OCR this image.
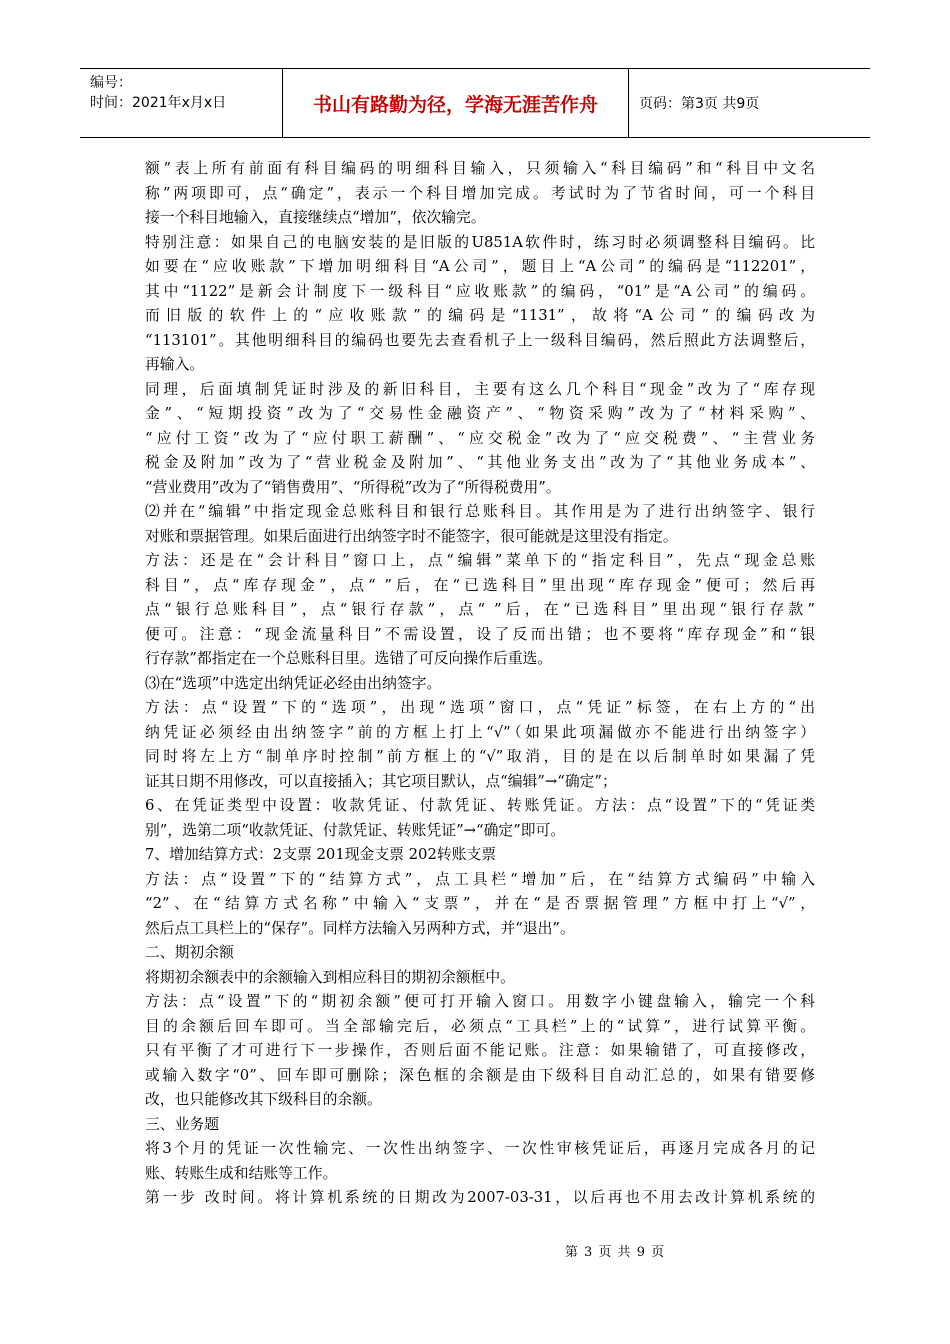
编号：
时间：2021年x月x日	书山有路勤为径，学海无涯苦作舟	页码：第3页 共9页
额”表上所有前面有科目编码的明细科目输入，只须输入“科目编码”和“科目中文名
称”两项即可，点“确定”，表示一个科目增加完成。考试时为了节省时间，可一个科目
接一个科目地输入，直接继续点“增加”，依次输完。
特别注意：如果自己的电脑安装的是旧版的U851A软件时，练习时必须调整科目编码。比
如要在“应收账款”下增加明细科目“A公司”，题目上“A公司”的编码是“112201”，
其中“1122”是新会计制度下一级科目“应收账款”的编码，“01”是“A公司”的编码。
而旧版的软件上的“应收账款”的编码是“1131”，故将“A公司”的编码改为
“113101”。其他明细科目的编码也要先去查看机子上一级科目编码，然后照此方法调整后，
再输入。
同理，后面填制凭证时涉及的新旧科目，主要有这么几个科目“现金”改为了“库存现
金”、“短期投资”改为了“交易性金融资产”、“物资采购”改为了“材料采购”、
“应付工资”改为了“应付职工薪酬”、“应交税金”改为了“应交税费”、“主营业务
税金及附加”改为了“营业税金及附加”、“其他业务支出”改为了“其他业务成本”、
“营业费用”改为了“销售费用”、“所得税”改为了“所得税费用”。
⑵并在“编辑”中指定现金总账科目和银行总账科目。其作用是为了进行出纳签字、银行
对账和票据管理。如果后面进行出纳签字时不能签字，很可能就是这里没有指定。
方法：还是在“会计科目”窗口上，点“编辑”菜单下的“指定科目”，先点“现金总账
科目”，点“库存现金”，点“ ”后，在“已选科目”里出现“库存现金”便可；然后再
点“银行总账科目”，点“银行存款”，点“ ”后，在“已选科目”里出现“银行存款”
便可。注意：“现金流量科目”不需设置，设了反而出错；也不要将“库存现金”和“银
行存款”都指定在一个总账科目里。选错了可反向操作后重选。
⑶在“选项”中选定出纳凭证必经由出纳签字。
方法：点“设置”下的“选项”，出现“选项”窗口，点“凭证”标签，在右上方的“出
纳凭证必须经由出纳签字”前的方框上打上“√”（如果此项漏做亦不能进行出纳签字）
同时将左上方“制单序时控制”前方框上的“√”取消，目的是在以后制单时如果漏了凭
证其日期不用修改，可以直接插入；其它项目默认，点“编辑”→“确定”；
6、在凭证类型中设置：收款凭证、付款凭证、转账凭证。方法：点“设置”下的“凭证类
别”，选第二项“收款凭证、付款凭证、转账凭证”→“确定”即可。
7、增加结算方式：2支票 201现金支票 202转账支票
方法：点“设置”下的“结算方式”，点工具栏“增加”后，在“结算方式编码”中输入
“2”、在“结算方式名称”中输入“支票”，并在“是否票据管理”方框中打上“√”，
然后点工具栏上的“保存”。同样方法输入另两种方式，并“退出”。
二、期初余额
将期初余额表中的余额输入到相应科目的期初余额框中。
方法：点“设置”下的“期初余额”便可打开输入窗口。用数字小键盘输入，输完一个科
目的余额后回车即可。当全部输完后，必须点“工具栏”上的“试算”，进行试算平衡。
只有平衡了才可进行下一步操作，否则后面不能记账。注意：如果输错了，可直接修改，
或输入数字“0”、回车即可删除；深色框的余额是由下级科目自动汇总的，如果有错要修
改，也只能修改其下级科目的余额。
三、业务题
将3个月的凭证一次性输完、一次性出纳签字、一次性审核凭证后，再逐月完成各月的记
账、转账生成和结账等工作。
第一步 改时间。将计算机系统的日期改为2007-03-31，以后再也不用去改计算机系统的
第 3 页 共 9 页
